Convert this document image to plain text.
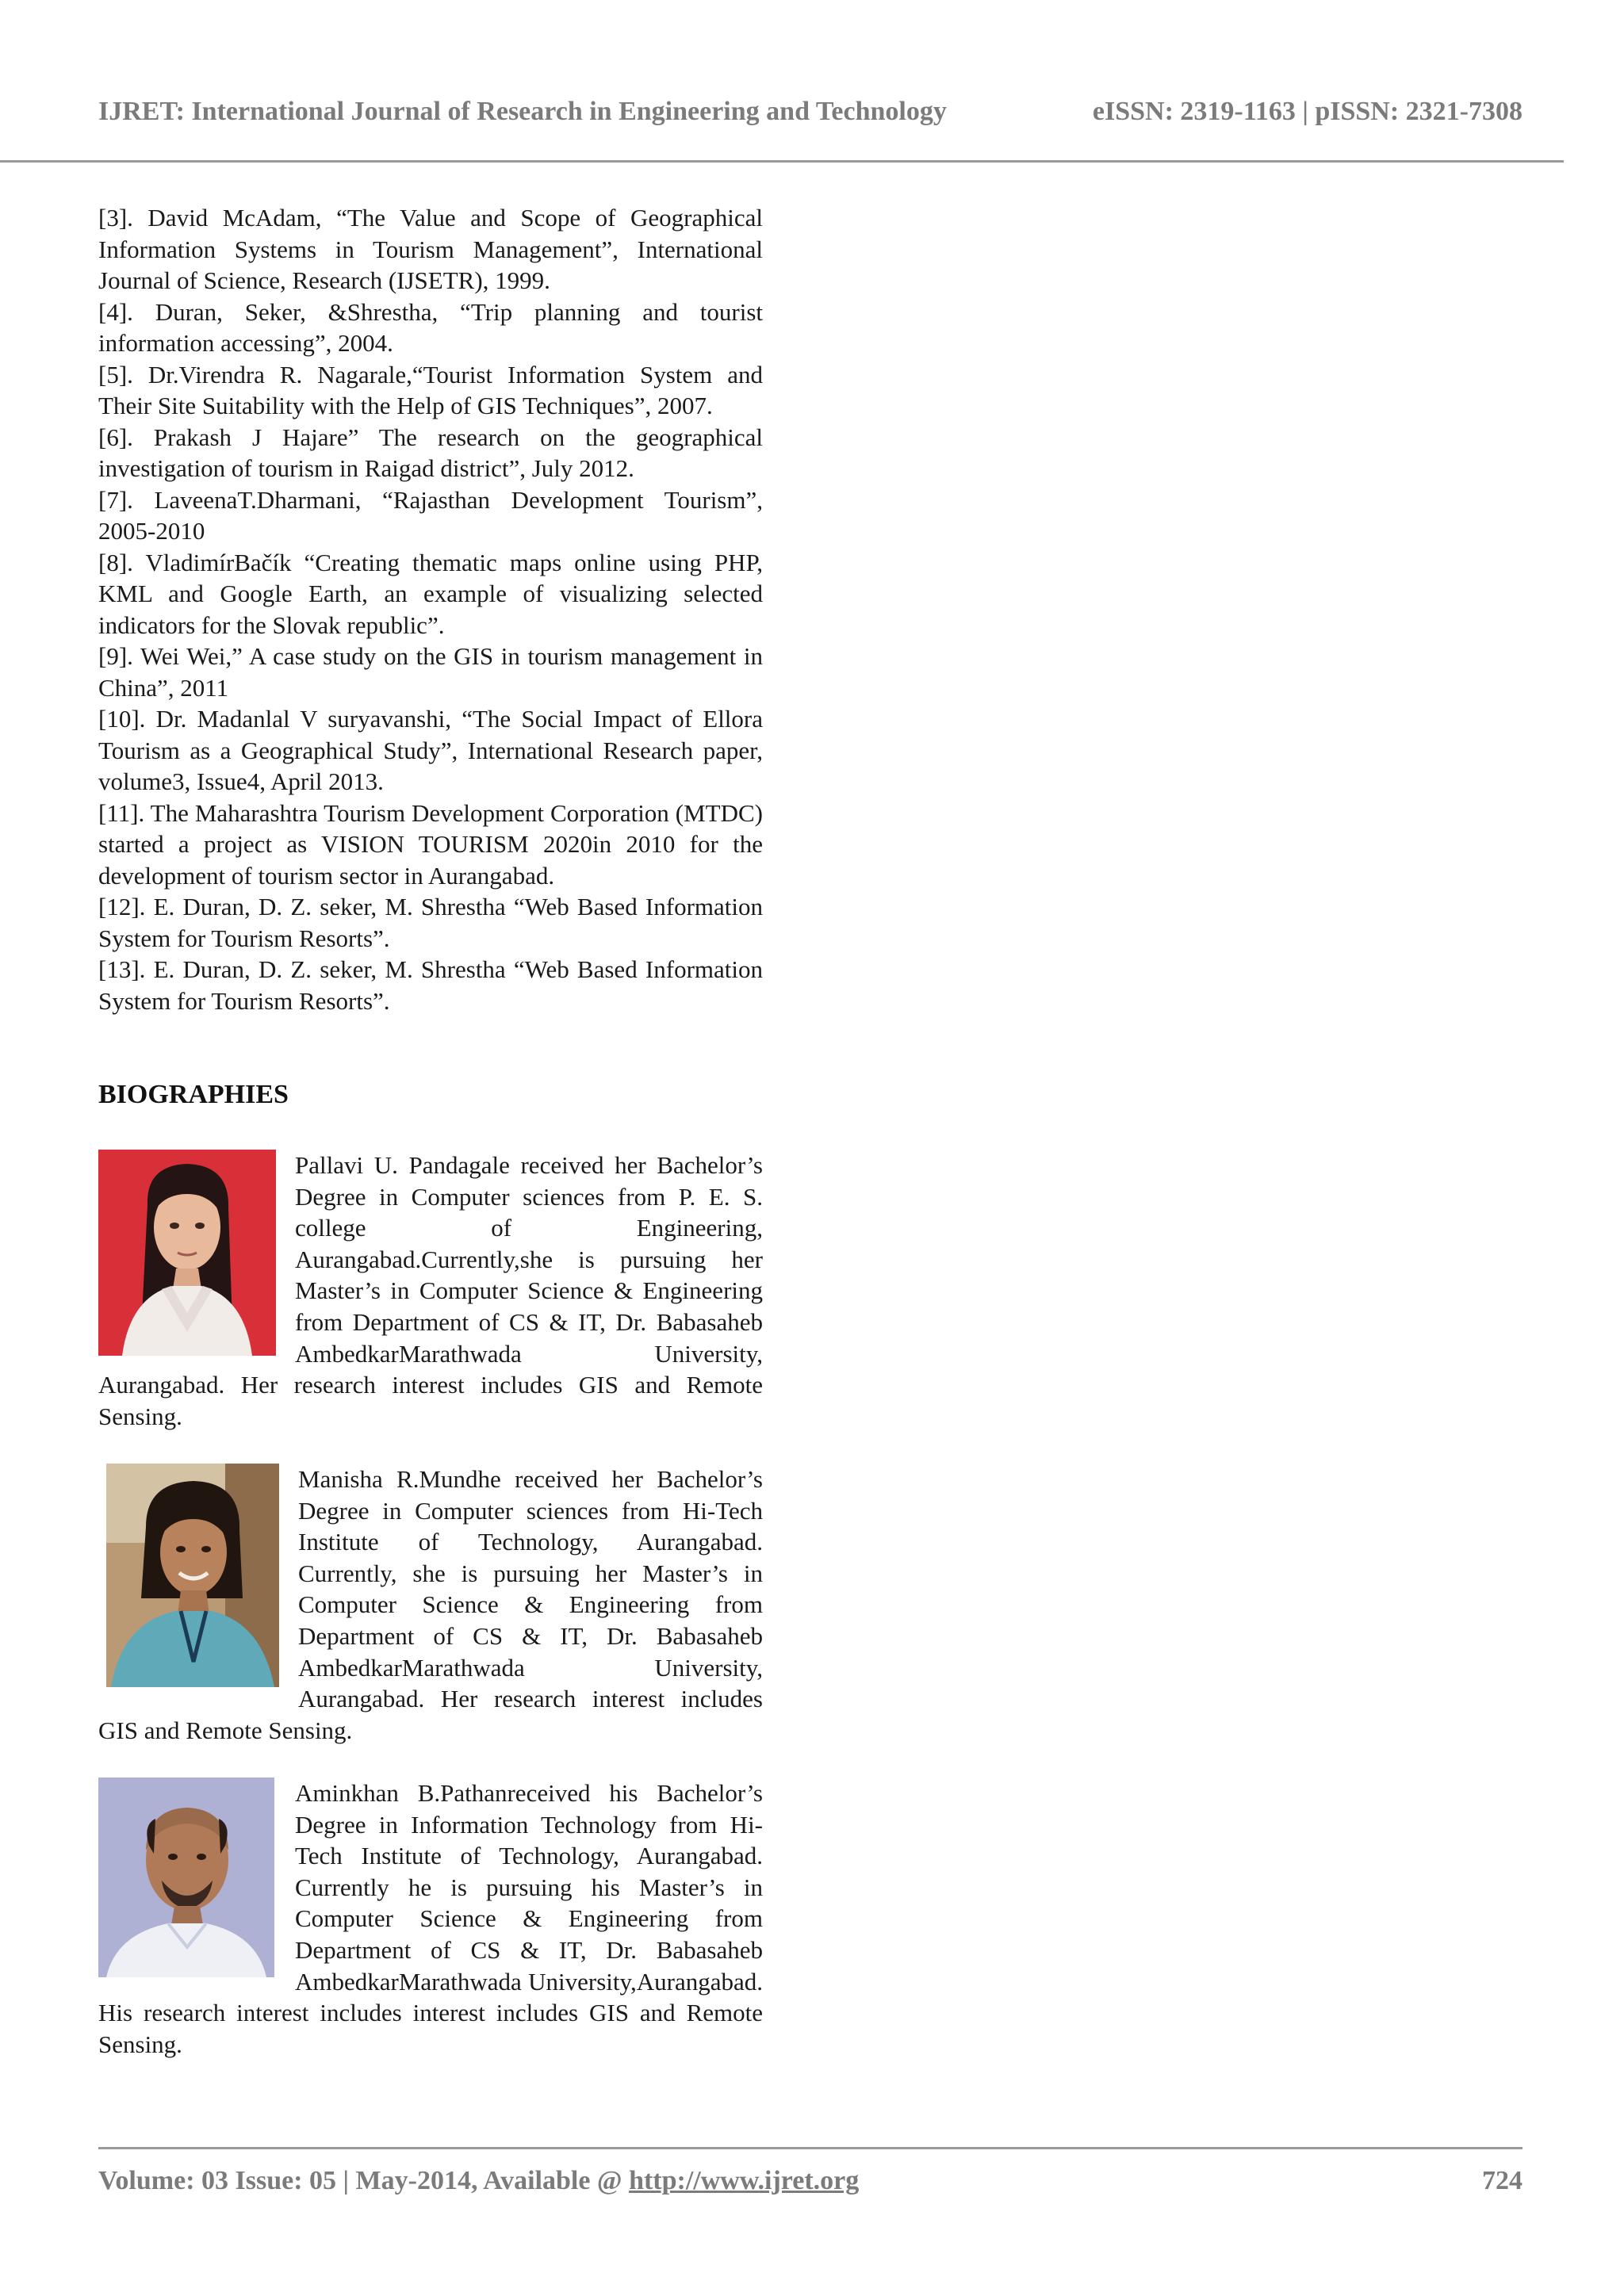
IJRET: International Journal of Research in Engineering and Technology	eISSN: 2319-1163 | pISSN: 2321-7308

[3]. David McAdam, “The Value and Scope of Geographical Information Systems in Tourism Management”, International Journal of Science, Research (IJSETR), 1999.

[4]. Duran, Seker, &Shrestha, “Trip planning and tourist information accessing”, 2004.

[5]. Dr.Virendra R. Nagarale,“Tourist Information System and Their Site Suitability with the Help of GIS Techniques”, 2007.

[6]. Prakash J Hajare” The research on the geographical investigation of tourism in Raigad district”, July 2012.

[7]. LaveenaT.Dharmani, “Rajasthan Development Tourism”, 2005-2010

[8]. VladimírBačík “Creating thematic maps online using PHP, KML and Google Earth, an example of visualizing selected indicators for the Slovak republic”.

[9]. Wei Wei,” A case study on the GIS in tourism management in China”, 2011

[10]. Dr. Madanlal V suryavanshi, “The Social Impact of Ellora Tourism as a Geographical Study”, International Research paper, volume3, Issue4, April 2013.

[11]. The Maharashtra Tourism Development Corporation (MTDC) started a project as VISION TOURISM 2020in 2010 for the development of tourism sector in Aurangabad.

[12]. E. Duran, D. Z. seker, M. Shrestha “Web Based Information System for Tourism Resorts”.

[13]. E. Duran, D. Z. seker, M. Shrestha “Web Based Information System for Tourism Resorts”.

BIOGRAPHIES

Pallavi U. Pandagale received her Bachelor’s Degree in Computer sciences from P. E. S. college of Engineering, Aurangabad.Currently,she is pursuing her Master’s in Computer Science & Engineering from Department of CS & IT, Dr. Babasaheb AmbedkarMarathwada University, Aurangabad. Her research interest includes GIS and Remote Sensing.

Manisha R.Mundhe received her Bachelor’s Degree in Computer sciences from Hi-Tech Institute of Technology, Aurangabad. Currently, she is pursuing her Master’s in Computer Science & Engineering from Department of CS & IT, Dr. Babasaheb AmbedkarMarathwada University, Aurangabad. Her research interest includes GIS and Remote Sensing.

Aminkhan B.Pathanreceived his Bachelor’s Degree in Information Technology from Hi-Tech Institute of Technology, Aurangabad. Currently he is pursuing his Master’s in Computer Science & Engineering from Department of CS & IT, Dr. Babasaheb AmbedkarMarathwada University,Aurangabad. His research interest includes interest includes GIS and Remote Sensing.

Volume: 03 Issue: 05 | May-2014, Available @ http://www.ijret.org	724
